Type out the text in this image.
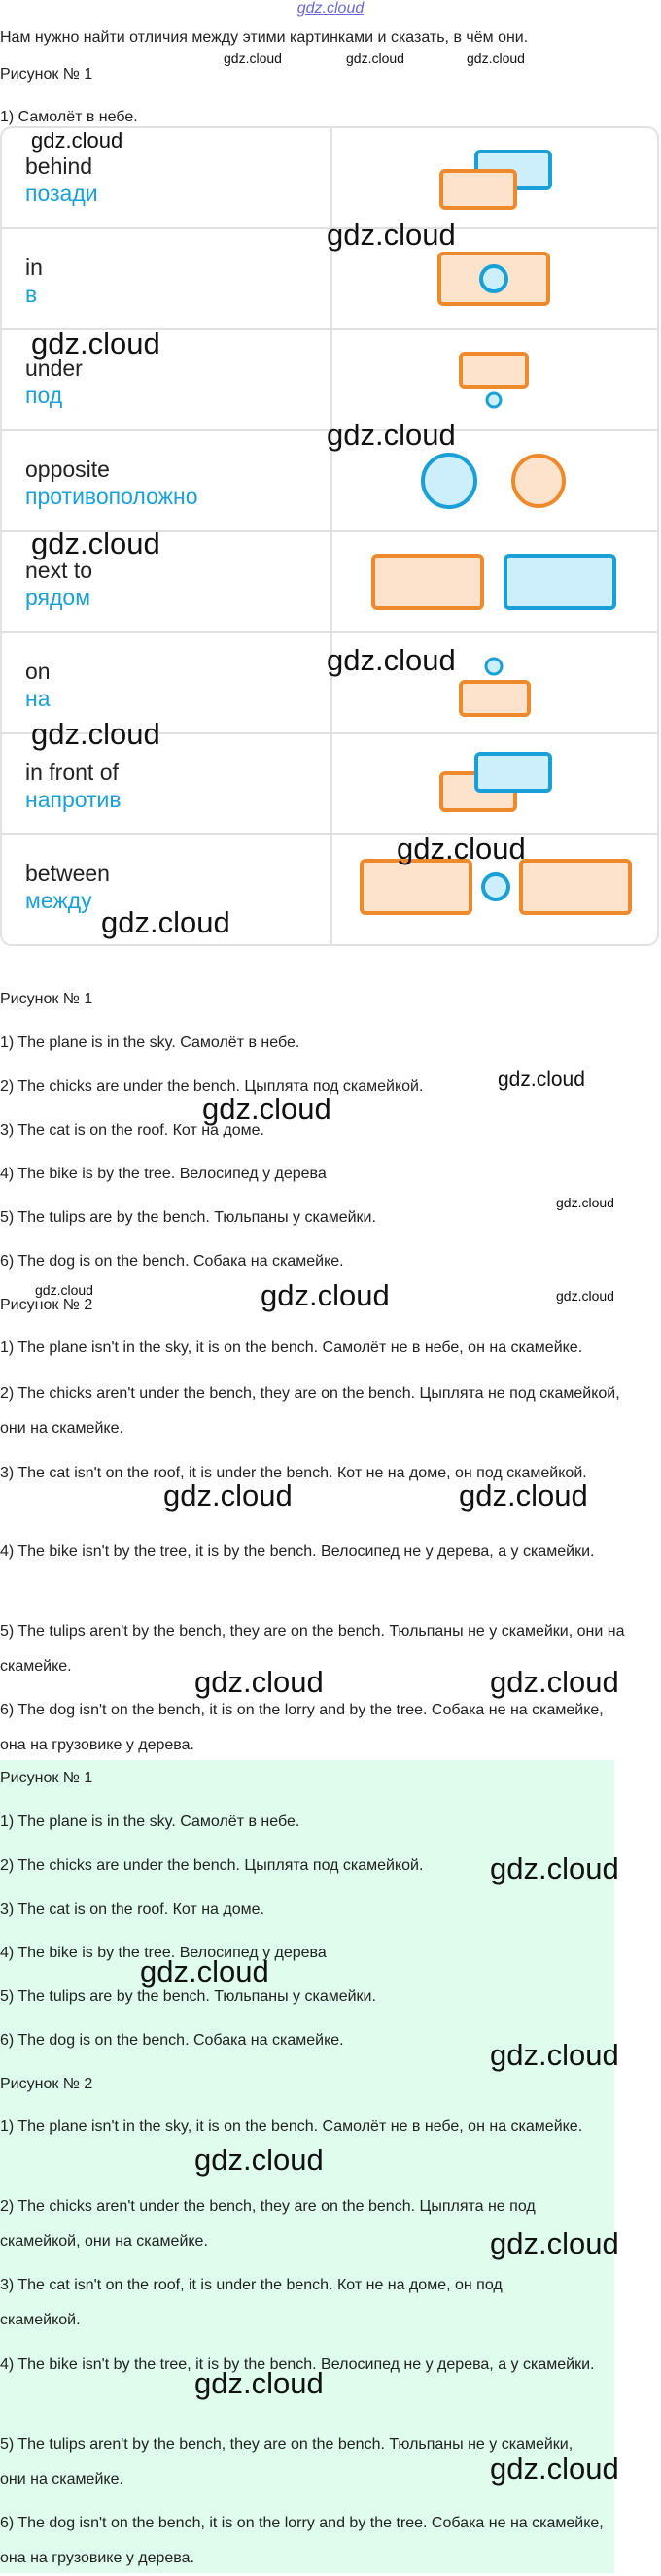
gdz.cloud
Нам нужно найти отличия между этими картинками и сказать, в чём они.
Рисунок № 1
1) Самолёт в небе.
behind
позади
in
в
under
под
opposite
противоположно
next to
рядом
on
на
in front of
напротив
between
между
Рисунок № 1
1) The plane is in the sky. Самолёт в небе.
2) The chicks are under the bench. Цыплята под скамейкой.
3) The cat is on the roof. Кот на доме.
4) The bike is by the tree. Велосипед у дерева
5) The tulips are by the bench. Тюльпаны у скамейки.
6) The dog is on the bench. Собака на скамейке.
Рисунок № 2
1) The plane isn't in the sky, it is on the bench. Самолёт не в небе, он на скамейке.
2) The chicks aren't under the bench, they are on the bench. Цыплята не под скамейкой, они на скамейке.
3) The cat isn't on the roof, it is under the bench. Кот не на доме, он под скамейкой.
4) The bike isn't by the tree, it is by the bench. Велосипед не у дерева, а у скамейки.
5) The tulips aren't by the bench, they are on the bench. Тюльпаны не у скамейки, они на скамейке.
6) The dog isn't on the bench, it is on the lorry and by the tree. Собака не на скамейке, она на грузовике у дерева.
Рисунок № 1
1) The plane is in the sky. Самолёт в небе.
2) The chicks are under the bench. Цыплята под скамейкой.
3) The cat is on the roof. Кот на доме.
4) The bike is by the tree. Велосипед у дерева
5) The tulips are by the bench. Тюльпаны у скамейки.
6) The dog is on the bench. Собака на скамейке.
Рисунок № 2
1) The plane isn't in the sky, it is on the bench. Самолёт не в небе, он на скамейке.
2) The chicks aren't under the bench, they are on the bench. Цыплята не под скамейкой, они на скамейке.
3) The cat isn't on the roof, it is under the bench. Кот не на доме, он под скамейкой.
4) The bike isn't by the tree, it is by the bench. Велосипед не у дерева, а у скамейки.
5) The tulips aren't by the bench, they are on the bench. Тюльпаны не у скамейки, они на скамейке.
6) The dog isn't on the bench, it is on the lorry and by the tree. Собака не на скамейке, она на грузовике у дерева.
gdz.cloud	gdz.cloud	gdz.cloud
gdz.cloud
gdz.cloud
gdz.cloud
gdz.cloud
gdz.cloud
gdz.cloud
gdz.cloud
gdz.cloud
gdz.cloud
gdz.cloud
gdz.cloud
gdz.cloud
gdz.cloud	gdz.cloud	gdz.cloud
gdz.cloud	gdz.cloud
gdz.cloud	gdz.cloud
gdz.cloud
gdz.cloud
gdz.cloud
gdz.cloud
gdz.cloud
gdz.cloud
gdz.cloud
